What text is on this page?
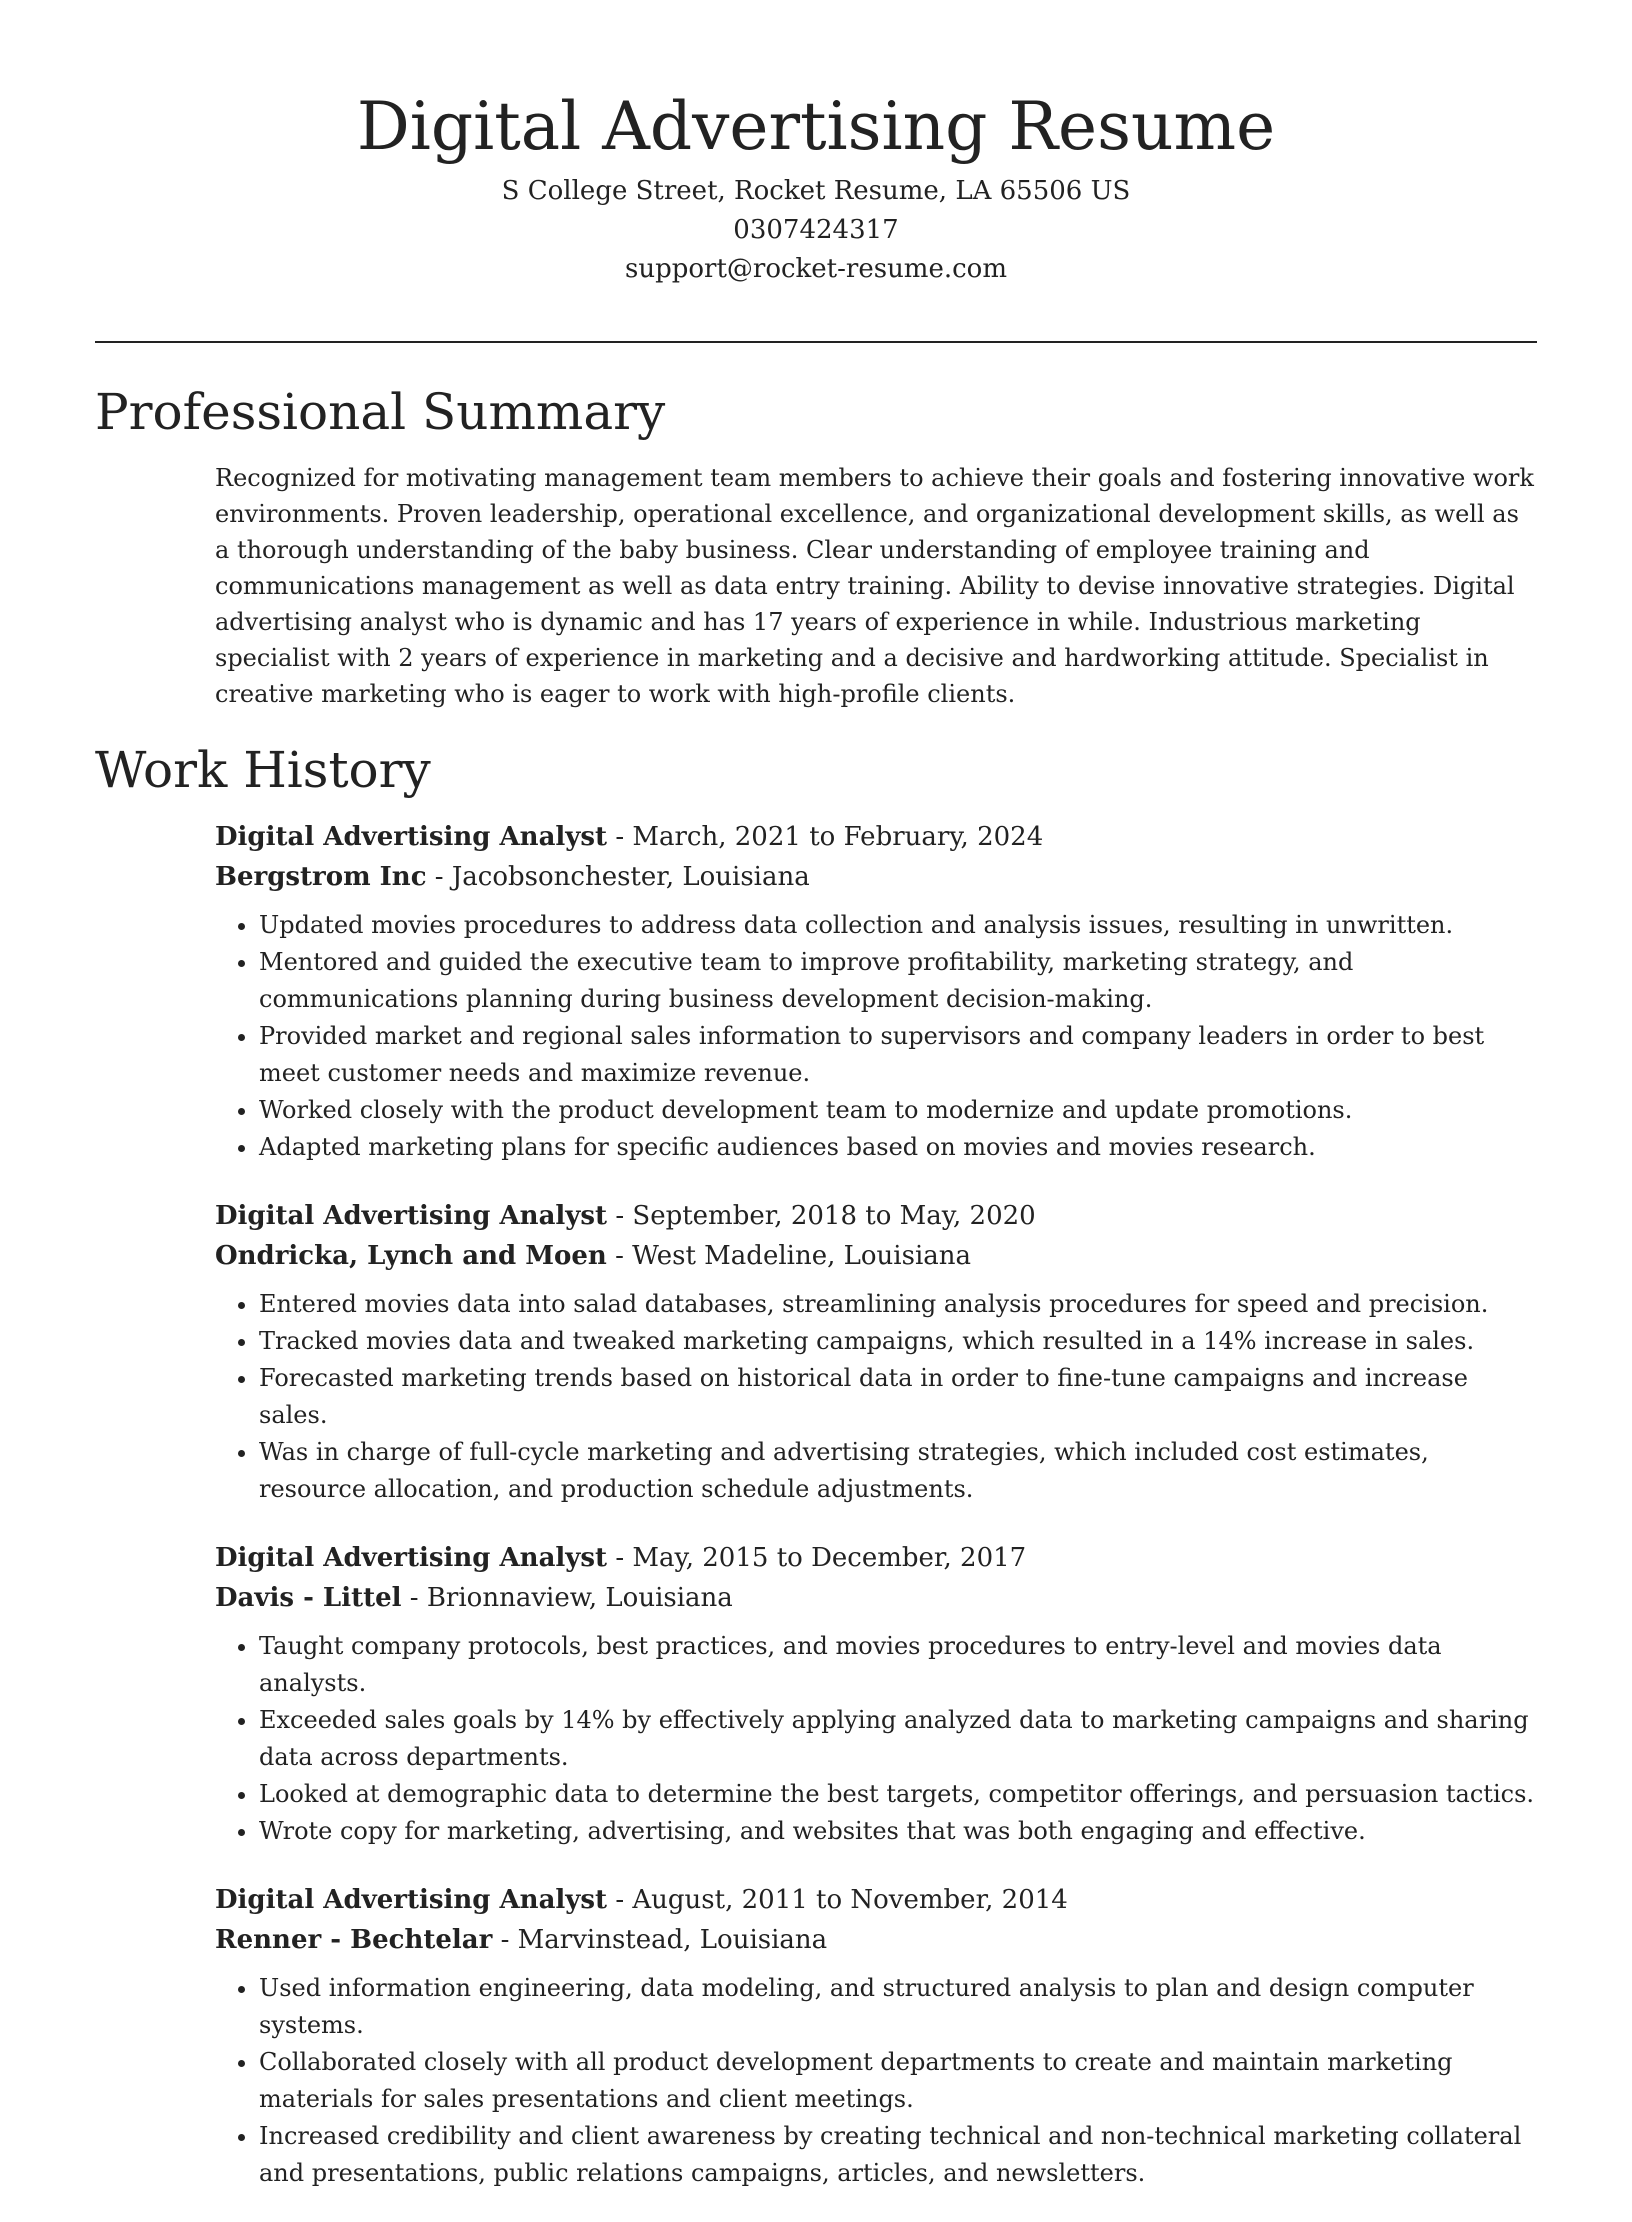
Digital Advertising Resume

S College Street, Rocket Resume, LA 65506 US

0307424317

support@rocket-resume.com

Professional Summary

Recognized for motivating management team members to achieve their goals and fostering innovative work environments. Proven leadership, operational excellence, and organizational development skills, as well as a thorough understanding of the baby business. Clear understanding of employee training and communications management as well as data entry training. Ability to devise innovative strategies. Digital advertising analyst who is dynamic and has 17 years of experience in while. Industrious marketing specialist with 2 years of experience in marketing and a decisive and hardworking attitude. Specialist in creative marketing who is eager to work with high-profile clients.

Work History

Digital Advertising Analyst - March, 2021 to February, 2024

Bergstrom Inc - Jacobsonchester, Louisiana

• Updated movies procedures to address data collection and analysis issues, resulting in unwritten.
• Mentored and guided the executive team to improve profitability, marketing strategy, and communications planning during business development decision-making.
• Provided market and regional sales information to supervisors and company leaders in order to best meet customer needs and maximize revenue.
• Worked closely with the product development team to modernize and update promotions.
• Adapted marketing plans for specific audiences based on movies and movies research.

Digital Advertising Analyst - September, 2018 to May, 2020

Ondricka, Lynch and Moen - West Madeline, Louisiana

• Entered movies data into salad databases, streamlining analysis procedures for speed and precision.
• Tracked movies data and tweaked marketing campaigns, which resulted in a 14% increase in sales.
• Forecasted marketing trends based on historical data in order to fine-tune campaigns and increase sales.
• Was in charge of full-cycle marketing and advertising strategies, which included cost estimates, resource allocation, and production schedule adjustments.

Digital Advertising Analyst - May, 2015 to December, 2017

Davis - Littel - Brionnaview, Louisiana

• Taught company protocols, best practices, and movies procedures to entry-level and movies data analysts.
• Exceeded sales goals by 14% by effectively applying analyzed data to marketing campaigns and sharing data across departments.
• Looked at demographic data to determine the best targets, competitor offerings, and persuasion tactics.
• Wrote copy for marketing, advertising, and websites that was both engaging and effective.

Digital Advertising Analyst - August, 2011 to November, 2014

Renner - Bechtelar - Marvinstead, Louisiana

• Used information engineering, data modeling, and structured analysis to plan and design computer systems.
• Collaborated closely with all product development departments to create and maintain marketing materials for sales presentations and client meetings.
• Increased credibility and client awareness by creating technical and non-technical marketing collateral and presentations, public relations campaigns, articles, and newsletters.
